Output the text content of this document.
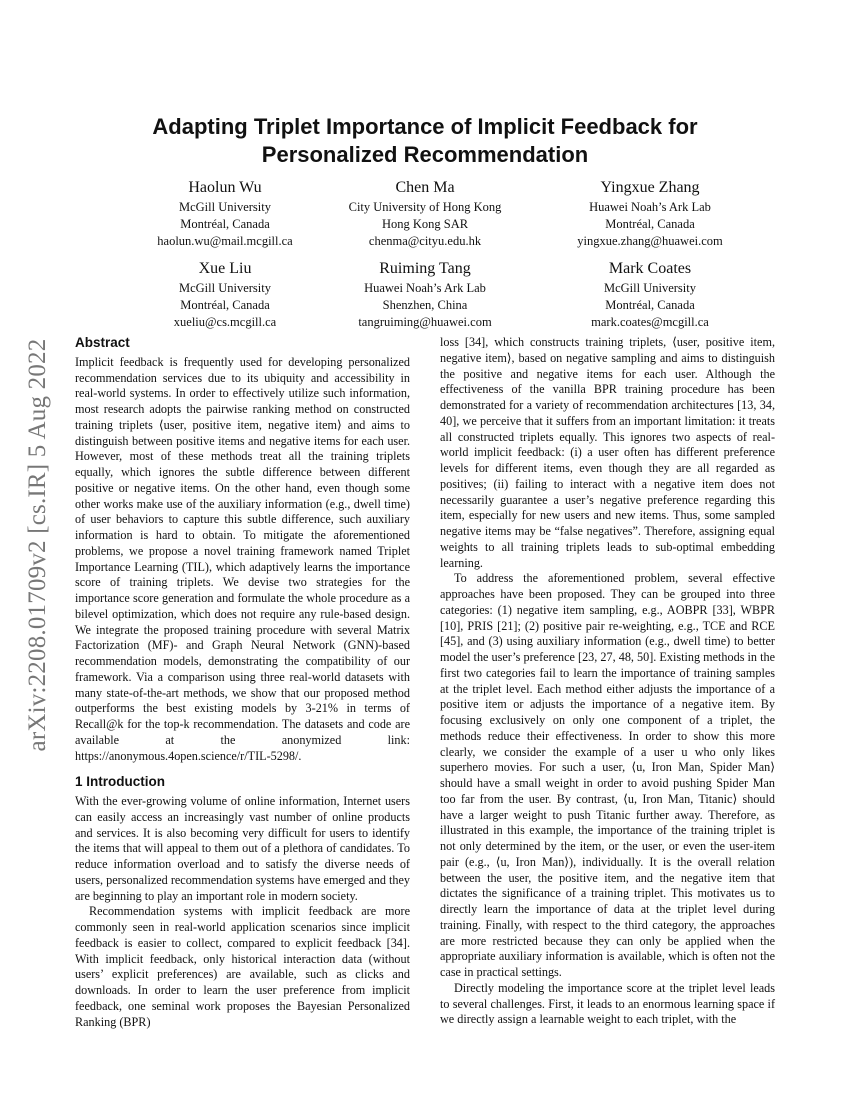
arXiv:2208.01709v2 [cs.IR] 5 Aug 2022
Adapting Triplet Importance of Implicit Feedback for
Personalized Recommendation
Haolun Wu
McGill University
Montréal, Canada
haolun.wu@mail.mcgill.ca
Chen Ma
City University of Hong Kong
Hong Kong SAR
chenma@cityu.edu.hk
Yingxue Zhang
Huawei Noah’s Ark Lab
Montréal, Canada
yingxue.zhang@huawei.com
Xue Liu
McGill University
Montréal, Canada
xueliu@cs.mcgill.ca
Ruiming Tang
Huawei Noah’s Ark Lab
Shenzhen, China
tangruiming@huawei.com
Mark Coates
McGill University
Montréal, Canada
mark.coates@mcgill.ca
Abstract

Implicit feedback is frequently used for developing personalized recommendation services due to its ubiquity and accessibility in real-world systems. In order to effectively utilize such information, most research adopts the pairwise ranking method on constructed training triplets ⟨user, positive item, negative item⟩ and aims to distinguish between positive items and negative items for each user. However, most of these methods treat all the training triplets equally, which ignores the subtle difference between different positive or negative items. On the other hand, even though some other works make use of the auxiliary information (e.g., dwell time) of user behaviors to capture this subtle difference, such auxiliary information is hard to obtain. To mitigate the aforementioned problems, we propose a novel training framework named Triplet Importance Learning (TIL), which adaptively learns the importance score of training triplets. We devise two strategies for the importance score generation and formulate the whole procedure as a bilevel optimization, which does not require any rule-based design. We integrate the proposed training procedure with several Matrix Factorization (MF)- and Graph Neural Network (GNN)-based recommendation models, demonstrating the compatibility of our framework. Via a comparison using three real-world datasets with many state-of-the-art methods, we show that our proposed method outperforms the best existing models by 3-21% in terms of Recall@k for the top-k recommendation. The datasets and code are available at the anonymized link: https://anonymous.4open.science/r/TIL-5298/.

1 Introduction

With the ever-growing volume of online information, Internet users can easily access an increasingly vast number of online products and services. It is also becoming very difficult for users to identify the items that will appeal to them out of a plethora of candidates. To reduce information overload and to satisfy the diverse needs of users, personalized recommendation systems have emerged and they are beginning to play an important role in modern society.

Recommendation systems with implicit feedback are more commonly seen in real-world application scenarios since implicit feedback is easier to collect, compared to explicit feedback [34]. With implicit feedback, only historical interaction data (without users’ explicit preferences) are available, such as clicks and downloads. In order to learn the user preference from implicit feedback, one seminal work proposes the Bayesian Personalized Ranking (BPR)

loss [34], which constructs training triplets, ⟨user, positive item, negative item⟩, based on negative sampling and aims to distinguish the positive and negative items for each user. Although the effectiveness of the vanilla BPR training procedure has been demonstrated for a variety of recommendation architectures [13, 34, 40], we perceive that it suffers from an important limitation: it treats all constructed triplets equally. This ignores two aspects of real-world implicit feedback: (i) a user often has different preference levels for different items, even though they are all regarded as positives; (ii) failing to interact with a negative item does not necessarily guarantee a user’s negative preference regarding this item, especially for new users and new items. Thus, some sampled negative items may be “false negatives”. Therefore, assigning equal weights to all training triplets leads to sub-optimal embedding learning.

To address the aforementioned problem, several effective approaches have been proposed. They can be grouped into three categories: (1) negative item sampling, e.g., AOBPR [33], WBPR [10], PRIS [21]; (2) positive pair re-weighting, e.g., TCE and RCE [45], and (3) using auxiliary information (e.g., dwell time) to better model the user’s preference [23, 27, 48, 50]. Existing methods in the first two categories fail to learn the importance of training samples at the triplet level. Each method either adjusts the importance of a positive item or adjusts the importance of a negative item. By focusing exclusively on only one component of a triplet, the methods reduce their effectiveness. In order to show this more clearly, we consider the example of a user u who only likes superhero movies. For such a user, ⟨u, Iron Man, Spider Man⟩ should have a small weight in order to avoid pushing Spider Man too far from the user. By contrast, ⟨u, Iron Man, Titanic⟩ should have a larger weight to push Titanic further away. Therefore, as illustrated in this example, the importance of the training triplet is not only determined by the item, or the user, or even the user-item pair (e.g., ⟨u, Iron Man⟩), individually. It is the overall relation between the user, the positive item, and the negative item that dictates the significance of a training triplet. This motivates us to directly learn the importance of data at the triplet level during training. Finally, with respect to the third category, the approaches are more restricted because they can only be applied when the appropriate auxiliary information is available, which is often not the case in practical settings.

Directly modeling the importance score at the triplet level leads to several challenges. First, it leads to an enormous learning space if we directly assign a learnable weight to each triplet, with the
